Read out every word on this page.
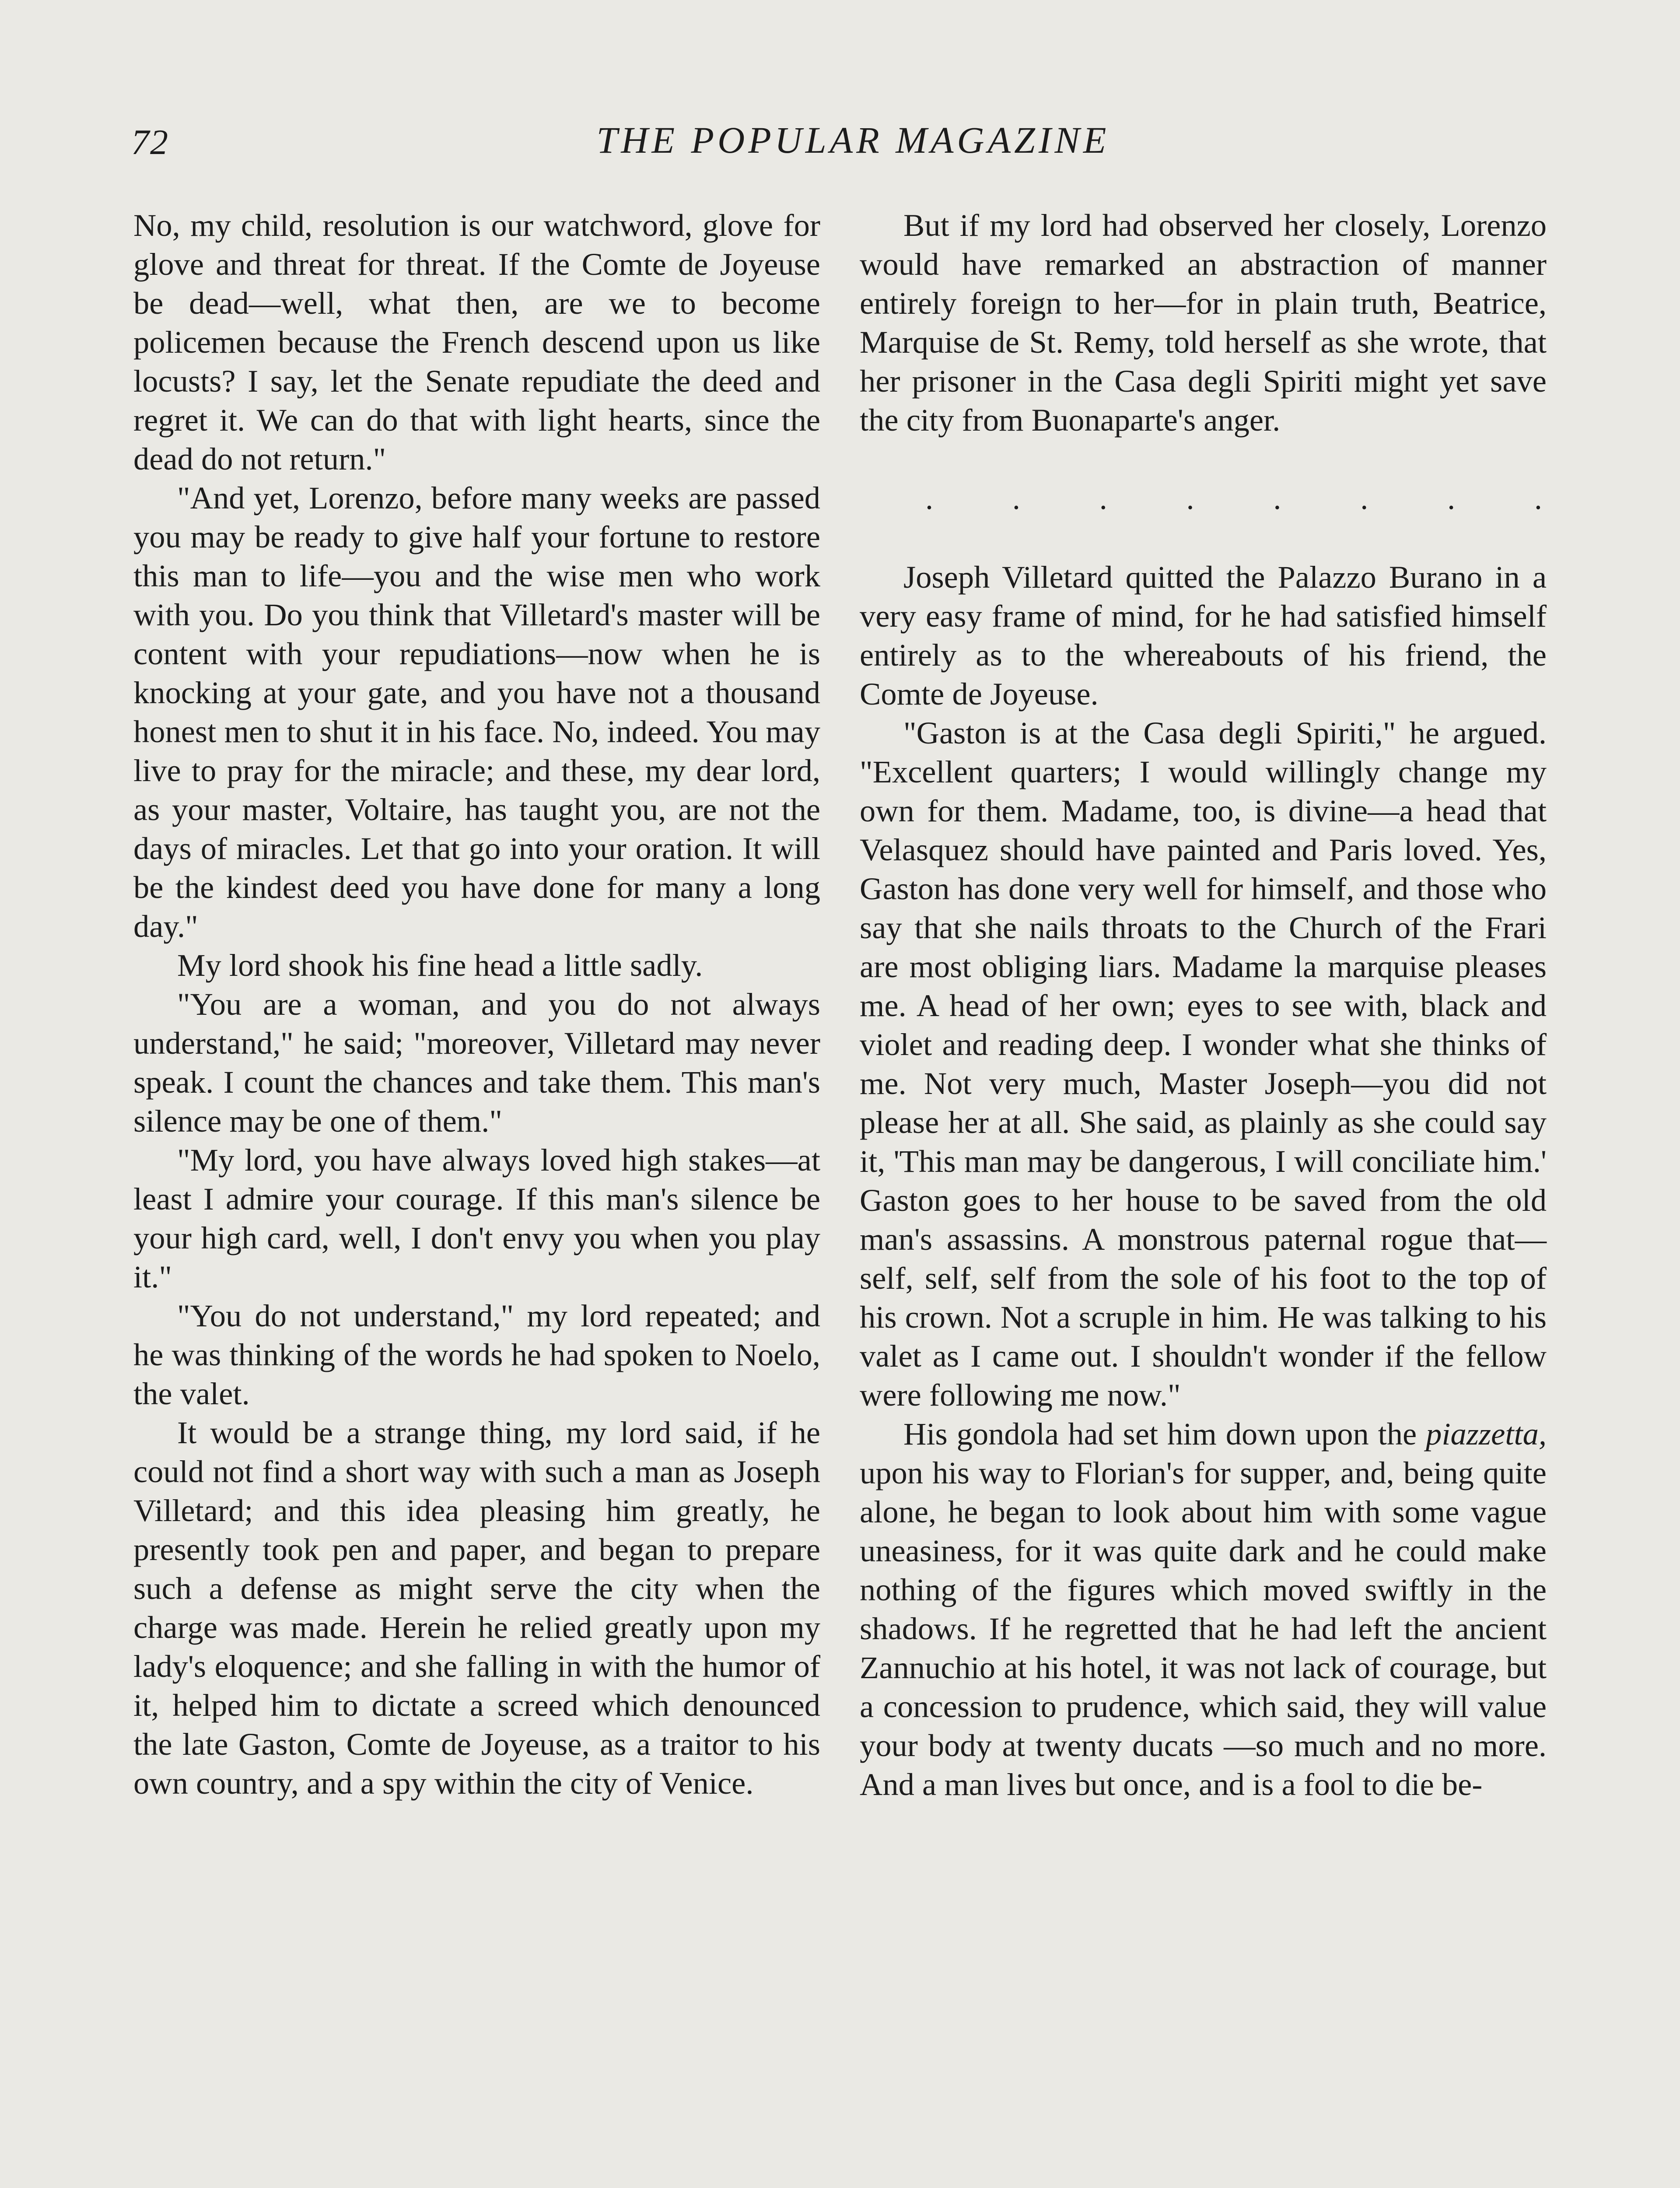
72	THE POPULAR MAGAZINE

No, my child, resolution is our watchword, glove for glove and threat for threat. If the Comte de Joyeuse be dead—well, what then, are we to become policemen because the French descend upon us like locusts? I say, let the Senate repudiate the deed and regret it. We can do that with light hearts, since the dead do not return."

"And yet, Lorenzo, before many weeks are passed you may be ready to give half your fortune to restore this man to life—you and the wise men who work with you. Do you think that Villetard's master will be content with your repudiations—now when he is knocking at your gate, and you have not a thousand honest men to shut it in his face. No, indeed. You may live to pray for the miracle; and these, my dear lord, as your master, Voltaire, has taught you, are not the days of miracles. Let that go into your oration. It will be the kindest deed you have done for many a long day."

My lord shook his fine head a little sadly.

"You are a woman, and you do not always understand," he said; "moreover, Villetard may never speak. I count the chances and take them. This man's silence may be one of them."

"My lord, you have always loved high stakes—at least I admire your courage. If this man's silence be your high card, well, I don't envy you when you play it."

"You do not understand," my lord repeated; and he was thinking of the words he had spoken to Noelo, the valet.

It would be a strange thing, my lord said, if he could not find a short way with such a man as Joseph Villetard; and this idea pleasing him greatly, he presently took pen and paper, and began to prepare such a defense as might serve the city when the charge was made. Herein he relied greatly upon my lady's eloquence; and she falling in with the humor of it, helped him to dictate a screed which denounced the late Gaston, Comte de Joyeuse, as a traitor to his own country, and a spy within the city of Venice.

But if my lord had observed her closely, Lorenzo would have remarked an abstraction of manner entirely foreign to her—for in plain truth, Beatrice, Marquise de St. Remy, told herself as she wrote, that her prisoner in the Casa degli Spiriti might yet save the city from Buonaparte's anger.

.	.	.	.	.	.	.	.

Joseph Villetard quitted the Palazzo Burano in a very easy frame of mind, for he had satisfied himself entirely as to the whereabouts of his friend, the Comte de Joyeuse.

"Gaston is at the Casa degli Spiriti," he argued. "Excellent quarters; I would willingly change my own for them. Madame, too, is divine—a head that Velasquez should have painted and Paris loved. Yes, Gaston has done very well for himself, and those who say that she nails throats to the Church of the Frari are most obliging liars. Madame la marquise pleases me. A head of her own; eyes to see with, black and violet and reading deep. I wonder what she thinks of me. Not very much, Master Joseph—you did not please her at all. She said, as plainly as she could say it, 'This man may be dangerous, I will conciliate him.' Gaston goes to her house to be saved from the old man's assassins. A monstrous paternal rogue that—self, self, self from the sole of his foot to the top of his crown. Not a scruple in him. He was talking to his valet as I came out. I shouldn't wonder if the fellow were following me now."

His gondola had set him down upon the piazzetta, upon his way to Florian's for supper, and, being quite alone, he began to look about him with some vague uneasiness, for it was quite dark and he could make nothing of the figures which moved swiftly in the shadows. If he regretted that he had left the ancient Zannuchio at his hotel, it was not lack of courage, but a concession to prudence, which said, they will value your body at twenty ducats —so much and no more. And a man lives but once, and is a fool to die be-
